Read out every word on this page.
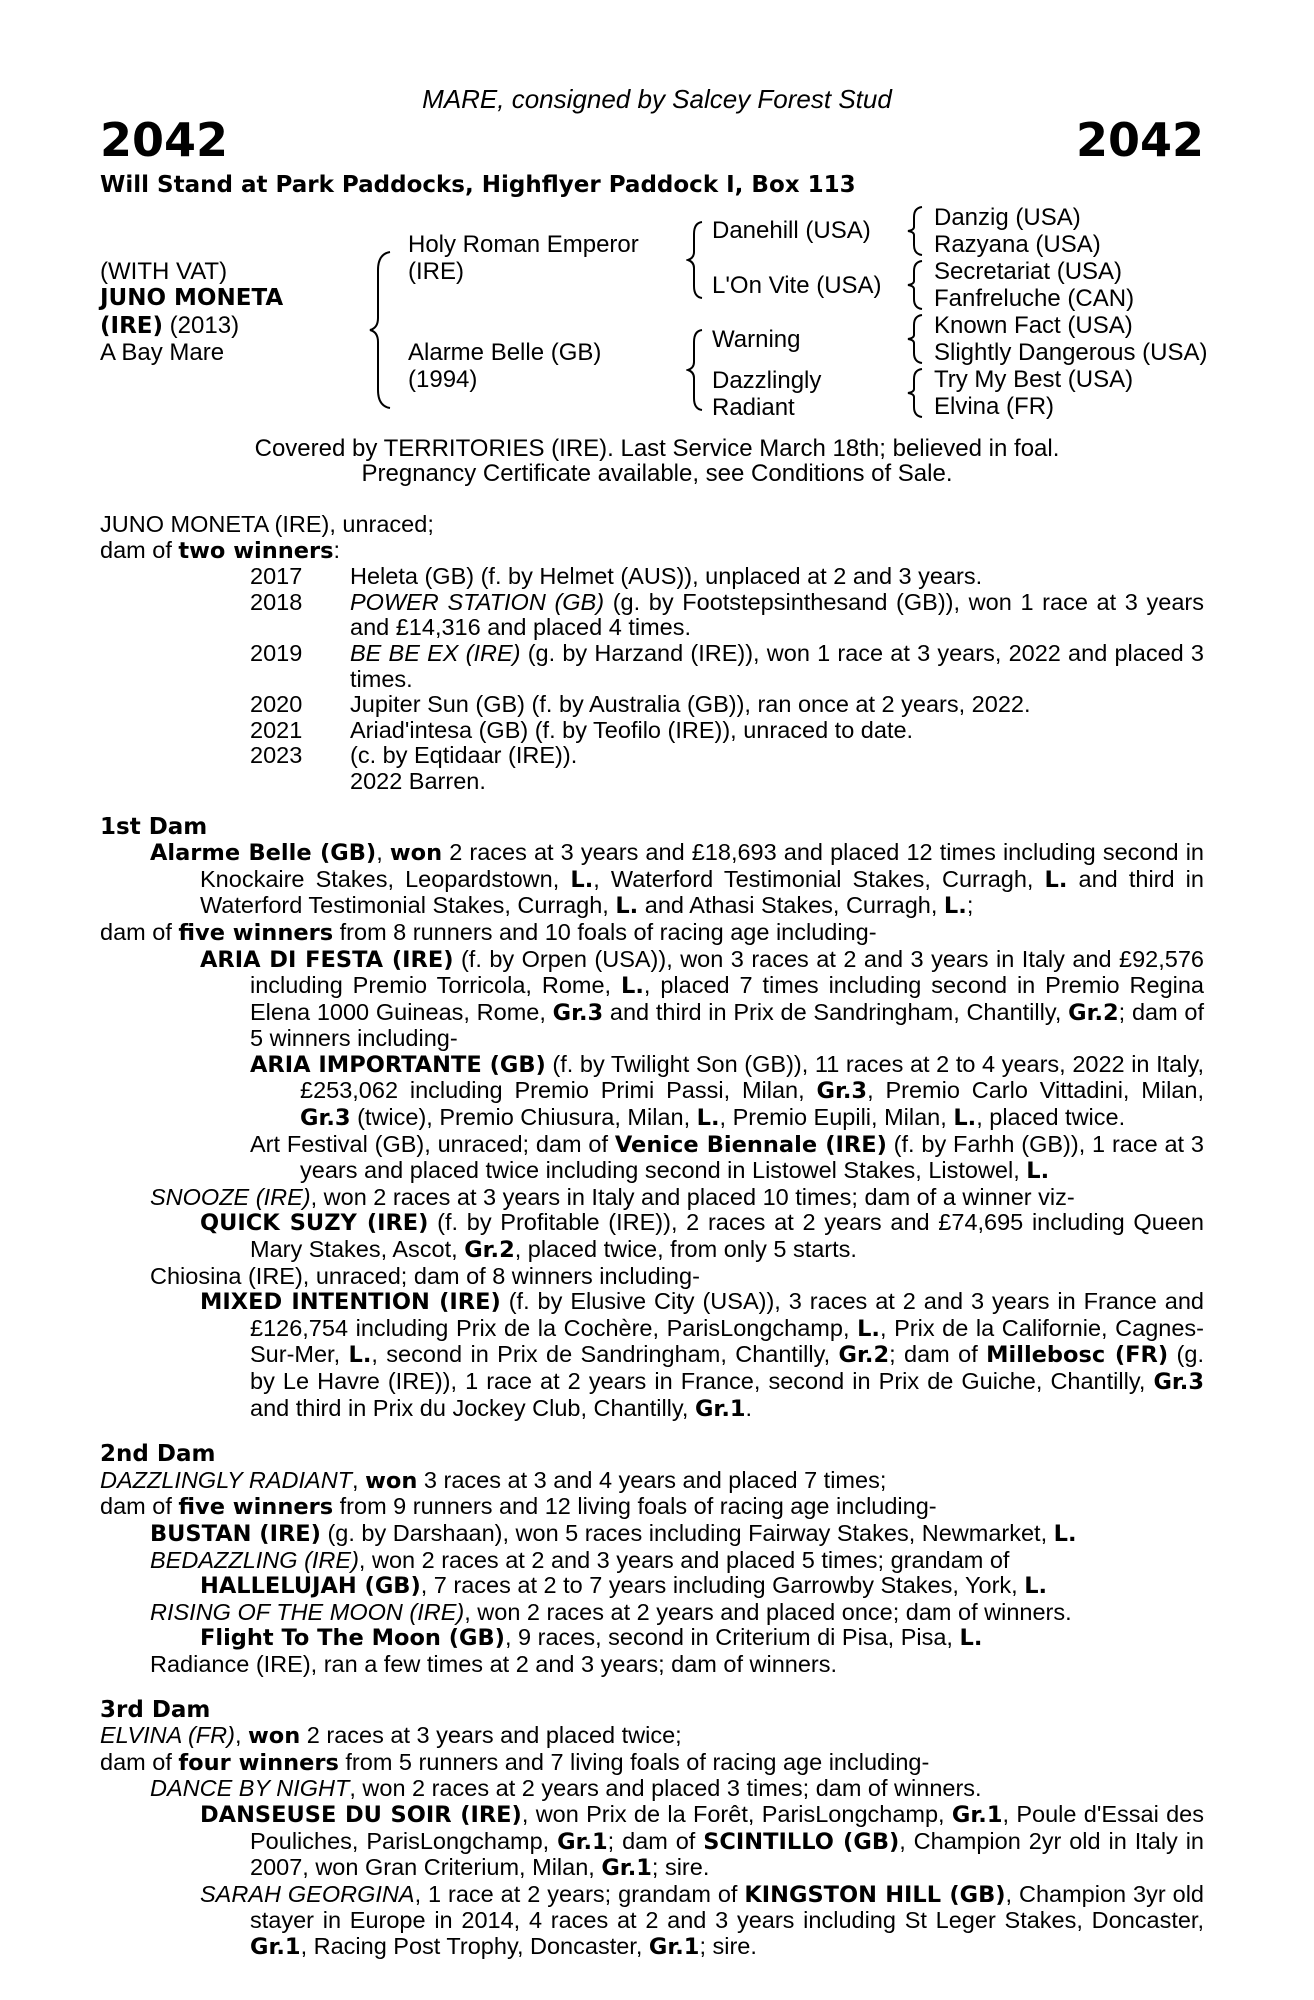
MARE, consigned by Salcey Forest Stud
2042	2042
Will Stand at Park Paddocks, Highflyer Paddock I, Box 113
(WITH VAT)
JUNO MONETA
(IRE) (2013)
A Bay Mare
Holy Roman Emperor
(IRE)
Alarme Belle (GB)
(1994)
Danehill (USA)
L'On Vite (USA)
Warning
Dazzlingly
Radiant
Danzig (USA)
Razyana (USA)
Secretariat (USA)
Fanfreluche (CAN)
Known Fact (USA)
Slightly Dangerous (USA)
Try My Best (USA)
Elvina (FR)
Covered by TERRITORIES (IRE). Last Service March 18th; believed in foal.
Pregnancy Certificate available, see Conditions of Sale.

JUNO MONETA (IRE), unraced;

dam of two winners:

2017 Heleta (GB) (f. by Helmet (AUS)), unplaced at 2 and 3 years.

2018 POWER STATION (GB) (g. by Footstepsinthesand (GB)), won 1 race at 3 years and £14,316 and placed 4 times.

2019 BE BE EX (IRE) (g. by Harzand (IRE)), won 1 race at 3 years, 2022 and placed 3 times.

2020 Jupiter Sun (GB) (f. by Australia (GB)), ran once at 2 years, 2022.

2021 Ariad'intesa (GB) (f. by Teofilo (IRE)), unraced to date.

2023 (c. by Eqtidaar (IRE)).

2022 Barren.

1st Dam

Alarme Belle (GB), won 2 races at 3 years and £18,693 and placed 12 times including second in Knockaire Stakes, Leopardstown, L., Waterford Testimonial Stakes, Curragh, L. and third in Waterford Testimonial Stakes, Curragh, L. and Athasi Stakes, Curragh, L.;

dam of five winners from 8 runners and 10 foals of racing age including-

ARIA DI FESTA (IRE) (f. by Orpen (USA)), won 3 races at 2 and 3 years in Italy and £92,576 including Premio Torricola, Rome, L., placed 7 times including second in Premio Regina Elena 1000 Guineas, Rome, Gr.3 and third in Prix de Sandringham, Chantilly, Gr.2; dam of 5 winners including-

ARIA IMPORTANTE (GB) (f. by Twilight Son (GB)), 11 races at 2 to 4 years, 2022 in Italy, £253,062 including Premio Primi Passi, Milan, Gr.3, Premio Carlo Vittadini, Milan, Gr.3 (twice), Premio Chiusura, Milan, L., Premio Eupili, Milan, L., placed twice.

Art Festival (GB), unraced; dam of Venice Biennale (IRE) (f. by Farhh (GB)), 1 race at 3 years and placed twice including second in Listowel Stakes, Listowel, L.

SNOOZE (IRE), won 2 races at 3 years in Italy and placed 10 times; dam of a winner viz-

QUICK SUZY (IRE) (f. by Profitable (IRE)), 2 races at 2 years and £74,695 including Queen Mary Stakes, Ascot, Gr.2, placed twice, from only 5 starts.

Chiosina (IRE), unraced; dam of 8 winners including-

MIXED INTENTION (IRE) (f. by Elusive City (USA)), 3 races at 2 and 3 years in France and £126,754 including Prix de la Cochère, ParisLongchamp, L., Prix de la Californie, Cagnes-Sur-Mer, L., second in Prix de Sandringham, Chantilly, Gr.2; dam of Millebosc (FR) (g. by Le Havre (IRE)), 1 race at 2 years in France, second in Prix de Guiche, Chantilly, Gr.3 and third in Prix du Jockey Club, Chantilly, Gr.1.

2nd Dam

DAZZLINGLY RADIANT, won 3 races at 3 and 4 years and placed 7 times;

dam of five winners from 9 runners and 12 living foals of racing age including-

BUSTAN (IRE) (g. by Darshaan), won 5 races including Fairway Stakes, Newmarket, L.

BEDAZZLING (IRE), won 2 races at 2 and 3 years and placed 5 times; grandam of

HALLELUJAH (GB), 7 races at 2 to 7 years including Garrowby Stakes, York, L.

RISING OF THE MOON (IRE), won 2 races at 2 years and placed once; dam of winners.

Flight To The Moon (GB), 9 races, second in Criterium di Pisa, Pisa, L.

Radiance (IRE), ran a few times at 2 and 3 years; dam of winners.

3rd Dam

ELVINA (FR), won 2 races at 3 years and placed twice;

dam of four winners from 5 runners and 7 living foals of racing age including-

DANCE BY NIGHT, won 2 races at 2 years and placed 3 times; dam of winners.

DANSEUSE DU SOIR (IRE), won Prix de la Forêt, ParisLongchamp, Gr.1, Poule d'Essai des Pouliches, ParisLongchamp, Gr.1; dam of SCINTILLO (GB), Champion 2yr old in Italy in 2007, won Gran Criterium, Milan, Gr.1; sire.

SARAH GEORGINA, 1 race at 2 years; grandam of KINGSTON HILL (GB), Champion 3yr old stayer in Europe in 2014, 4 races at 2 and 3 years including St Leger Stakes, Doncaster, Gr.1, Racing Post Trophy, Doncaster, Gr.1; sire.
